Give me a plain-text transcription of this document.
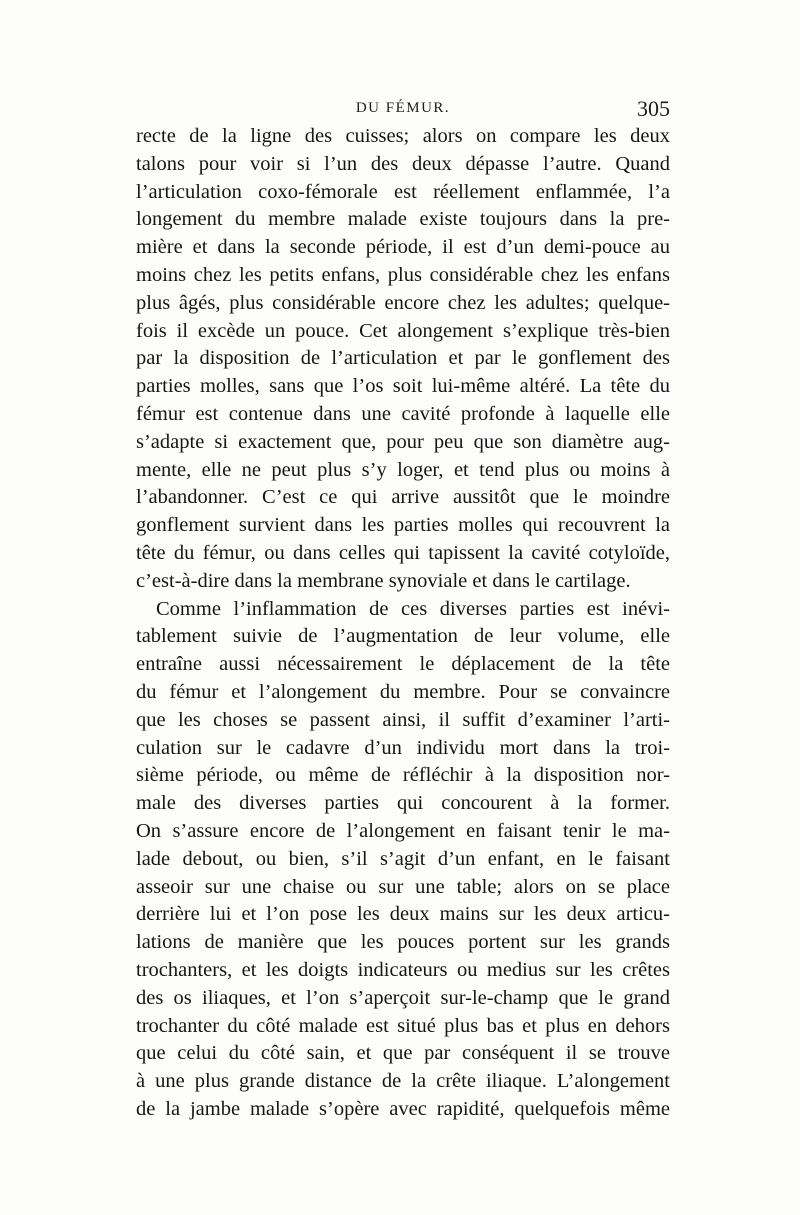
DU FÉMUR.	305
recte de la ligne des cuisses; alors on compare les deux
talons pour voir si l’un des deux dépasse l’autre. Quand
l’articulation coxo-fémorale est réellement enflammée, l’a
longement du membre malade existe toujours dans la pre-
mière et dans la seconde période, il est d’un demi-pouce au
moins chez les petits enfans, plus considérable chez les enfans
plus âgés, plus considérable encore chez les adultes; quelque-
fois il excède un pouce. Cet alongement s’explique très-bien
par la disposition de l’articulation et par le gonflement des
parties molles, sans que l’os soit lui-même altéré. La tête du
fémur est contenue dans une cavité profonde à laquelle elle
s’adapte si exactement que, pour peu que son diamètre aug-
mente, elle ne peut plus s’y loger, et tend plus ou moins à
l’abandonner. C’est ce qui arrive aussitôt que le moindre
gonflement survient dans les parties molles qui recouvrent la
tête du fémur, ou dans celles qui tapissent la cavité cotyloïde,
c’est-à-dire dans la membrane synoviale et dans le cartilage.
Comme l’inflammation de ces diverses parties est inévi-
tablement suivie de l’augmentation de leur volume, elle
entraîne aussi nécessairement le déplacement de la tête
du fémur et l’alongement du membre. Pour se convaincre
que les choses se passent ainsi, il suffit d’examiner l’arti-
culation sur le cadavre d’un individu mort dans la troi-
sième période, ou même de réfléchir à la disposition nor-
male des diverses parties qui concourent à la former.
On s’assure encore de l’alongement en faisant tenir le ma-
lade debout, ou bien, s’il s’agit d’un enfant, en le faisant
asseoir sur une chaise ou sur une table; alors on se place
derrière lui et l’on pose les deux mains sur les deux articu-
lations de manière que les pouces portent sur les grands
trochanters, et les doigts indicateurs ou medius sur les crêtes
des os iliaques, et l’on s’aperçoit sur-le-champ que le grand
trochanter du côté malade est situé plus bas et plus en dehors
que celui du côté sain, et que par conséquent il se trouve
à une plus grande distance de la crête iliaque. L’alongement
de la jambe malade s’opère avec rapidité, quelquefois même
